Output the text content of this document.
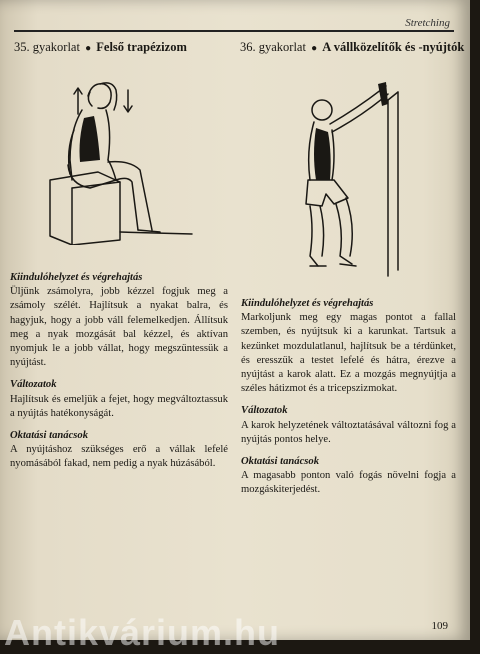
Stretching
35. gyakorlat ● Felső trapézizom	36. gyakorlat ● A vállközelítők és -nyújtók

Kiindulóhelyzet és végrehajtás

Üljünk zsámolyra, jobb kézzel fogjuk meg a zsámoly szélét. Hajlítsuk a nyakat balra, és hagyjuk, hogy a jobb váll felemelkedjen. Állítsuk meg a nyak mozgását bal kézzel, és aktívan nyomjuk le a jobb vállat, hogy megszüntessük a nyújtást.

Változatok

Hajlítsuk és emeljük a fejet, hogy megváltoztassuk a nyújtás hatékonyságát.

Oktatási tanácsok

A nyújtáshoz szükséges erő a vállak lefelé nyomásából fakad, nem pedig a nyak húzásából.

Kiindulóhelyzet és végrehajtás

Markoljunk meg egy magas pontot a fallal szemben, és nyújtsuk ki a karunkat. Tartsuk a kezünket mozdulatlanul, hajlítsuk be a térdünket, és eresszük a testet lefelé és hátra, érezve a nyújtást a karok alatt. Ez a mozgás megnyújtja a széles hátizmot és a tricepszizmokat.

Változatok

A karok helyzetének változtatásával változni fog a nyújtás pontos helye.

Oktatási tanácsok

A magasabb ponton való fogás növelni fogja a mozgáskiterjedést.

109
Antikvárium.hu
